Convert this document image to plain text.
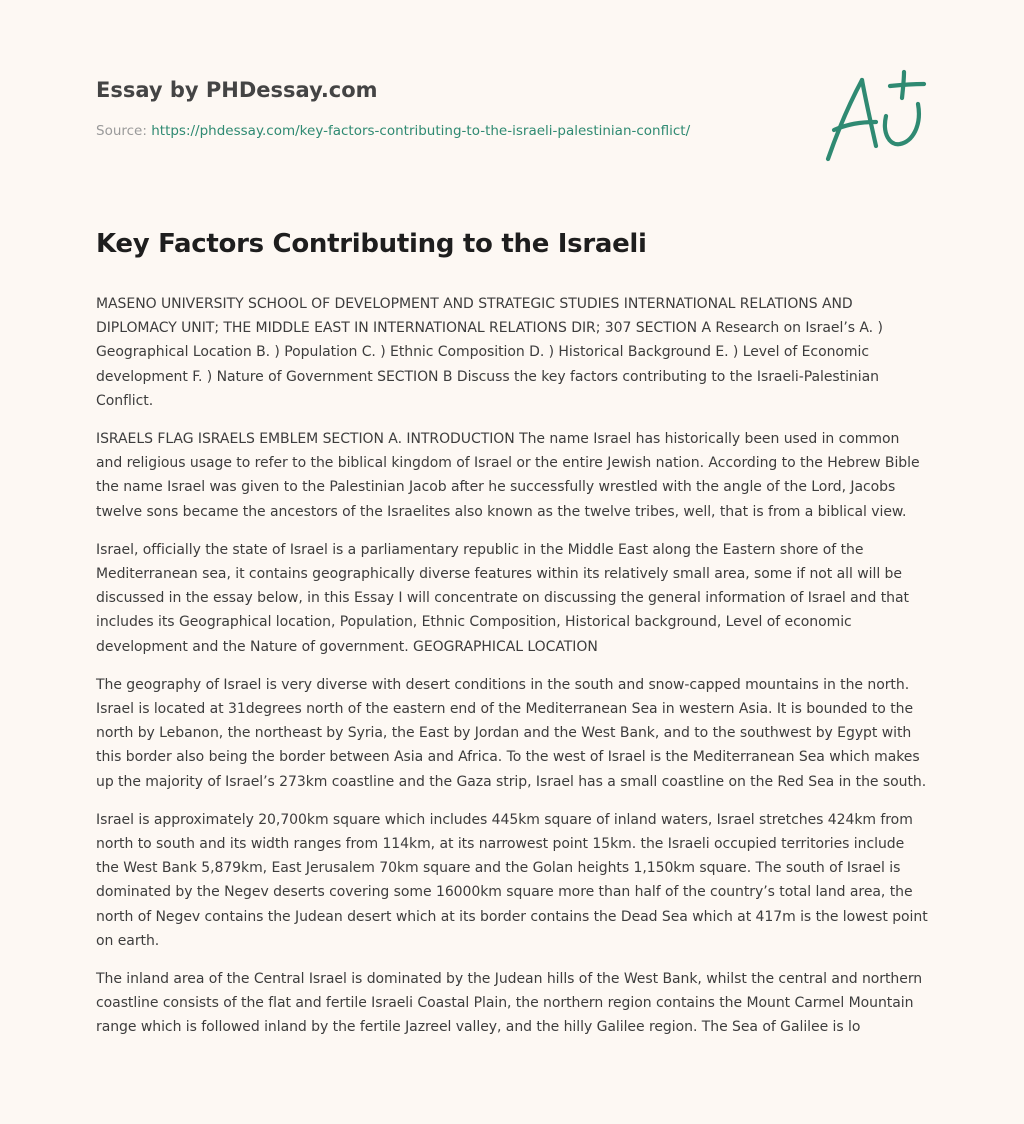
Essay by PHDessay.com
Source: https://phdessay.com/key-factors-contributing-to-the-israeli-palestinian-conflict/
Key Factors Contributing to the Israeli

MASENO UNIVERSITY SCHOOL OF DEVELOPMENT AND STRATEGIC STUDIES INTERNATIONAL RELATIONS AND DIPLOMACY UNIT; THE MIDDLE EAST IN INTERNATIONAL RELATIONS DIR; 307 SECTION A Research on Israel’s A. ) Geographical Location B. ) Population C. ) Ethnic Composition D. ) Historical Background E. ) Level of Economic development F. ) Nature of Government SECTION B Discuss the key factors contributing to the Israeli-Palestinian Conflict.

ISRAELS FLAG ISRAELS EMBLEM SECTION A. INTRODUCTION The name Israel has historically been used in common and religious usage to refer to the biblical kingdom of Israel or the entire Jewish nation. According to the Hebrew Bible the name Israel was given to the Palestinian Jacob after he successfully wrestled with the angle of the Lord, Jacobs twelve sons became the ancestors of the Israelites also known as the twelve tribes, well, that is from a biblical view.

Israel, officially the state of Israel is a parliamentary republic in the Middle East along the Eastern shore of the Mediterranean sea, it contains geographically diverse features within its relatively small area, some if not all will be discussed in the essay below, in this Essay I will concentrate on discussing the general information of Israel and that includes its Geographical location, Population, Ethnic Composition, Historical background, Level of economic development and the Nature of government. GEOGRAPHICAL LOCATION

The geography of Israel is very diverse with desert conditions in the south and snow-capped mountains in the north. Israel is located at 31degrees north of the eastern end of the Mediterranean Sea in western Asia. It is bounded to the north by Lebanon, the northeast by Syria, the East by Jordan and the West Bank, and to the southwest by Egypt with this border also being the border between Asia and Africa. To the west of Israel is the Mediterranean Sea which makes up the majority of Israel’s 273km coastline and the Gaza strip, Israel has a small coastline on the Red Sea in the south.

Israel is approximately 20,700km square which includes 445km square of inland waters, Israel stretches 424km from north to south and its width ranges from 114km, at its narrowest point 15km. the Israeli occupied territories include the West Bank 5,879km, East Jerusalem 70km square and the Golan heights 1,150km square. The south of Israel is dominated by the Negev deserts covering some 16000km square more than half of the country’s total land area, the north of Negev contains the Judean desert which at its border contains the Dead Sea which at 417m is the lowest point on earth.

The inland area of the Central Israel is dominated by the Judean hills of the West Bank, whilst the central and northern coastline consists of the flat and fertile Israeli Coastal Plain, the northern region contains the Mount Carmel Mountain range which is followed inland by the fertile Jazreel valley, and the hilly Galilee region. The Sea of Galilee is lo
